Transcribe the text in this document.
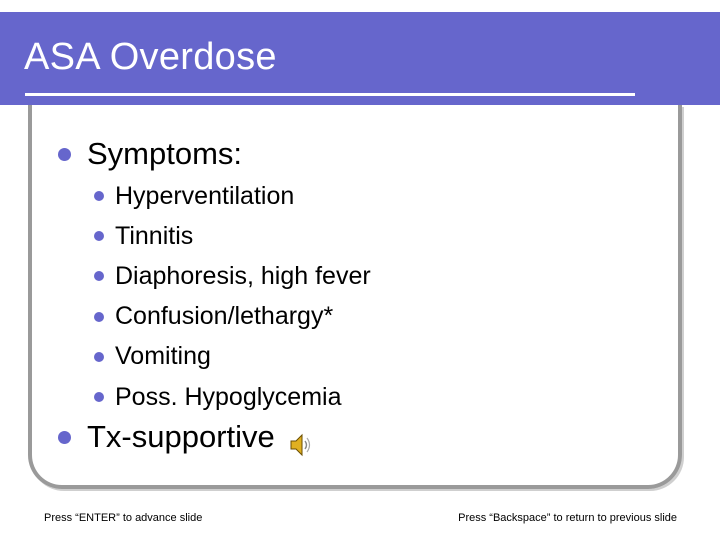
ASA Overdose
Symptoms:
Hyperventilation
Tinnitis
Diaphoresis, high fever
Confusion/lethargy*
Vomiting
Poss. Hypoglycemia
Tx-supportive
Press “ENTER” to advance slide	Press “Backspace” to return to previous slide
